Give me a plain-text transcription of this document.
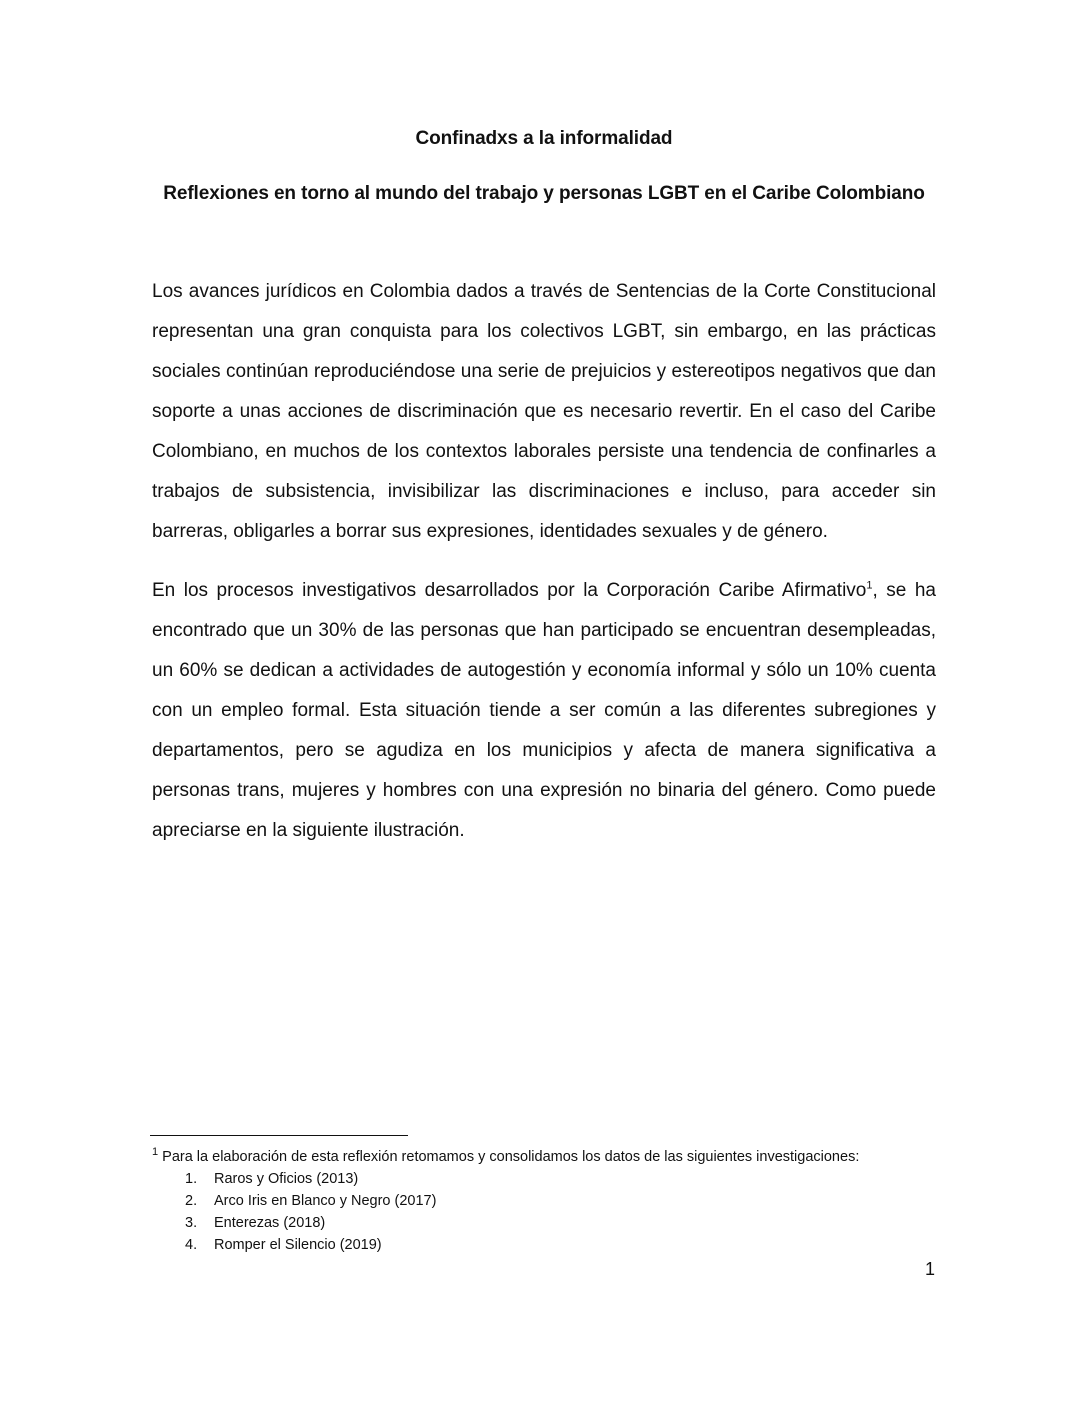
Confinadxs a la informalidad
Reflexiones en torno al mundo del trabajo y personas LGBT en el Caribe Colombiano

Los avances jurídicos en Colombia dados a través de Sentencias de la Corte Constitucional representan una gran conquista para los colectivos LGBT, sin embargo, en las prácticas sociales continúan reproduciéndose una serie de prejuicios y estereotipos negativos que dan soporte a unas acciones de discriminación que es necesario revertir. En el caso del Caribe Colombiano, en muchos de los contextos laborales persiste una tendencia de confinarles a trabajos de subsistencia, invisibilizar las discriminaciones e incluso, para acceder sin barreras, obligarles a borrar sus expresiones, identidades sexuales y de género.

En los procesos investigativos desarrollados por la Corporación Caribe Afirmativo$^1$, se ha encontrado que un 30% de las personas que han participado se encuentran desempleadas, un 60% se dedican a actividades de autogestión y economía informal y sólo un 10% cuenta con un empleo formal. Esta situación tiende a ser común a las diferentes subregiones y departamentos, pero se agudiza en los municipios y afecta de manera significativa a personas trans, mujeres y hombres con una expresión no binaria del género. Como puede apreciarse en la siguiente ilustración.

$^1$ Para la elaboración de esta reflexión retomamos y consolidamos los datos de las siguientes investigaciones:
1. Raros y Oficios (2013)
2. Arco Iris en Blanco y Negro (2017)
3. Enterezas (2018)
4. Romper el Silencio (2019)
1
